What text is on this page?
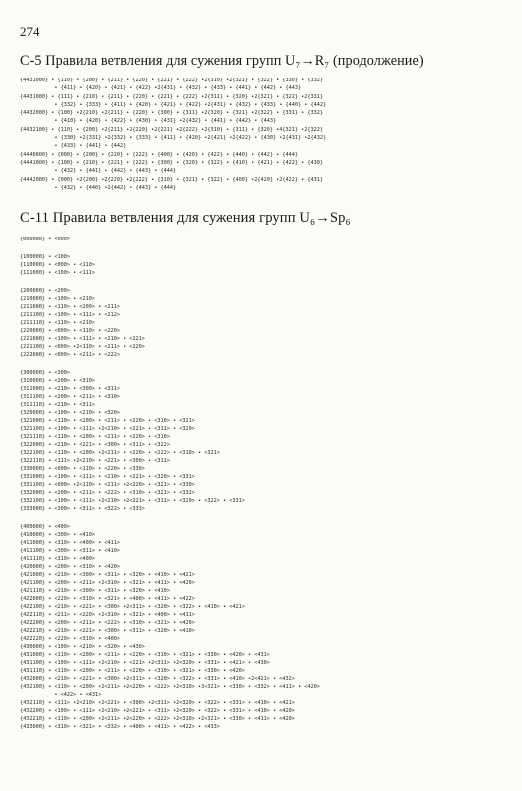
274
С-5 Правила ветвления для сужения групп U₇→R₇ (продолжение)
{4431000} • {110} • {200} • {211} • {220} • {221} • {222} •2{310} •2{321} • {322} • {330} • {332}
• {411} • {420} • {421} • {422} •2{431} • {432} • {433} • {441} • {442} • {443}
{4431000} • {111} • {210} • {211} • {220} • {221} • {222} •2{311} • {320} •2{321} • {322} •2{331}
• {332} • {333} • {411} • {420} • {421} • {422} •2{431} • {432} • {433} • {440} • {442}
{4432000} • {100} •2{210} •2{211} • {220} • {300} • {311} •2{320} • {321} •2{322} • {331} • {332}
• {410} • {420} • {422} • {430} • {431} •2{432} • {441} • {442} • {443}
{4432100} • {110} • {200} •2{211} •2{220} •2{221} •2{222} •2{310} • {311} • {320} •4{321} •2{322}
• {330} •2{331} •2{332} • {333} • {411} • {420} •2{421} •2{422} • {430} •2{431} •2{432}
• {433} • {441} • {442}
{4440000} • {000} • {200} • {220} • {222} • {400} • {420} • {422} • {440} • {442} • {444}
{4441000} • {100} • {210} • {221} • {222} • {300} • {320} • {322} • {410} • {421} • {422} • {430}
• {432} • {441} • {442} • {443} • {444}
{4442000} • {000} •2{200} •2{220} •2{222} • {310} • {321} • {322} • {400} •2{420} •2{422} • {431}
• {432} • {440} •2{442} • {443} • {444}
С-11 Правила ветвления для сужения групп U₆→Sp₆
{000000} • <000>
{100000} • <100>
{110000} • <000> • <110>
{111000} • <100> • <111>
{200000} • <200>
{210000} • <100> • <210>
{211000} • <110> • <200> • <211>
{211100} • <100> • <111> • <212>
{211110} • <110> • <210>
{220000} • <000> • <110> • <220>
{221000} • <100> • <111> • <210> • <221>
{221100} • <000> •2<110> • <211> • <220>
{222000} • <000> • <211> • <222>
{300000} • <300>
{310000} • <200> • <310>
{311000} • <210> • <300> • <311>
{311100} • <200> • <211> • <310>
{311110} • <210> • <311>
{320000} • <100> • <210> • <320>
{321000} • <110> • <200> • <211> • <220> • <310> • <321>
{321100} • <100> • <111> •2<210> • <221> • <311> • <320>
{321110} • <110> • <200> • <211> • <220> • <310>
{322000} • <210> • <221> • <300> • <311> • <322>
{322100} • <110> • <200> •2<211> • <220> • <222> • <310> • <321>
{322110} • <111> •2<210> • <221> • <300> • <311>
{330000} • <000> • <110> • <220> • <330>
{331000} • <100> • <111> • <210> • <221> • <320> • <331>
{331100} • <000> •2<110> • <211> •2<220> • <321> • <330>
{332000} • <200> • <211> • <222> • <310> • <321> • <332>
{332100} • <100> • <111> •2<210> •2<221> • <311> • <320> • <322> • <331>
{333000} • <300> • <311> • <322> • <333>
{400000} • <400>
{410000} • <300> • <410>
{411000} • <310> • <400> • <411>
{411100} • <300> • <311> • <410>
{411110} • <310> • <400>
{420000} • <200> • <310> • <420>
{421000} • <210> • <300> • <311> • <320> • <410> • <421>
{421100} • <200> • <211> •2<310> • <321> • <411> • <420>
{421110} • <210> • <300> • <311> • <320> • <410>
{422000} • <220> • <310> • <321> • <400> • <411> • <422>
{422100} • <210> • <221> • <300> •2<311> • <320> • <322> • <410> • <421>
{422110} • <211> • <220> •2<310> • <321> • <400> • <411>
{422200} • <200> • <211> • <222> • <310> • <321> • <420>
{422210} • <210> • <221> • <300> • <311> • <320> • <410>
{422220} • <220> • <310> • <400>
{430000} • <100> • <210> • <320> • <430>
{431000} • <110> • <200> • <211> • <220> • <310> • <321> • <330> • <420> • <431>
{431100} • <100> • <111> •2<210> • <221> •2<311> •2<320> • <331> • <421> • <430>
{431110} • <110> • <200> • <211> • <220> • <310> • <321> • <330> • <420>
{432000} • <210> • <221> • <300> •2<311> • <320> • <322> • <331> • <410> •2<421> • <432>
{432100} • <110> • <200> •2<211> •2<220> • <222> •2<310> •3<321> • <330> • <332> • <411> • <420>
• <422> • <431>
{432110} • <111> •2<210> •2<221> • <300> •2<311> •2<320> • <322> • <331> • <410> • <421>
{432200} • <100> • <111> •2<210> •2<221> • <311> •2<320> • <322> • <331> • <410> • <420>
{432210} • <110> • <200> •2<211> •2<220> • <222> •2<310> •2<321> • <330> • <411> • <420>
{433000} • <310> • <321> • <332> • <400> • <411> • <422> • <433>
